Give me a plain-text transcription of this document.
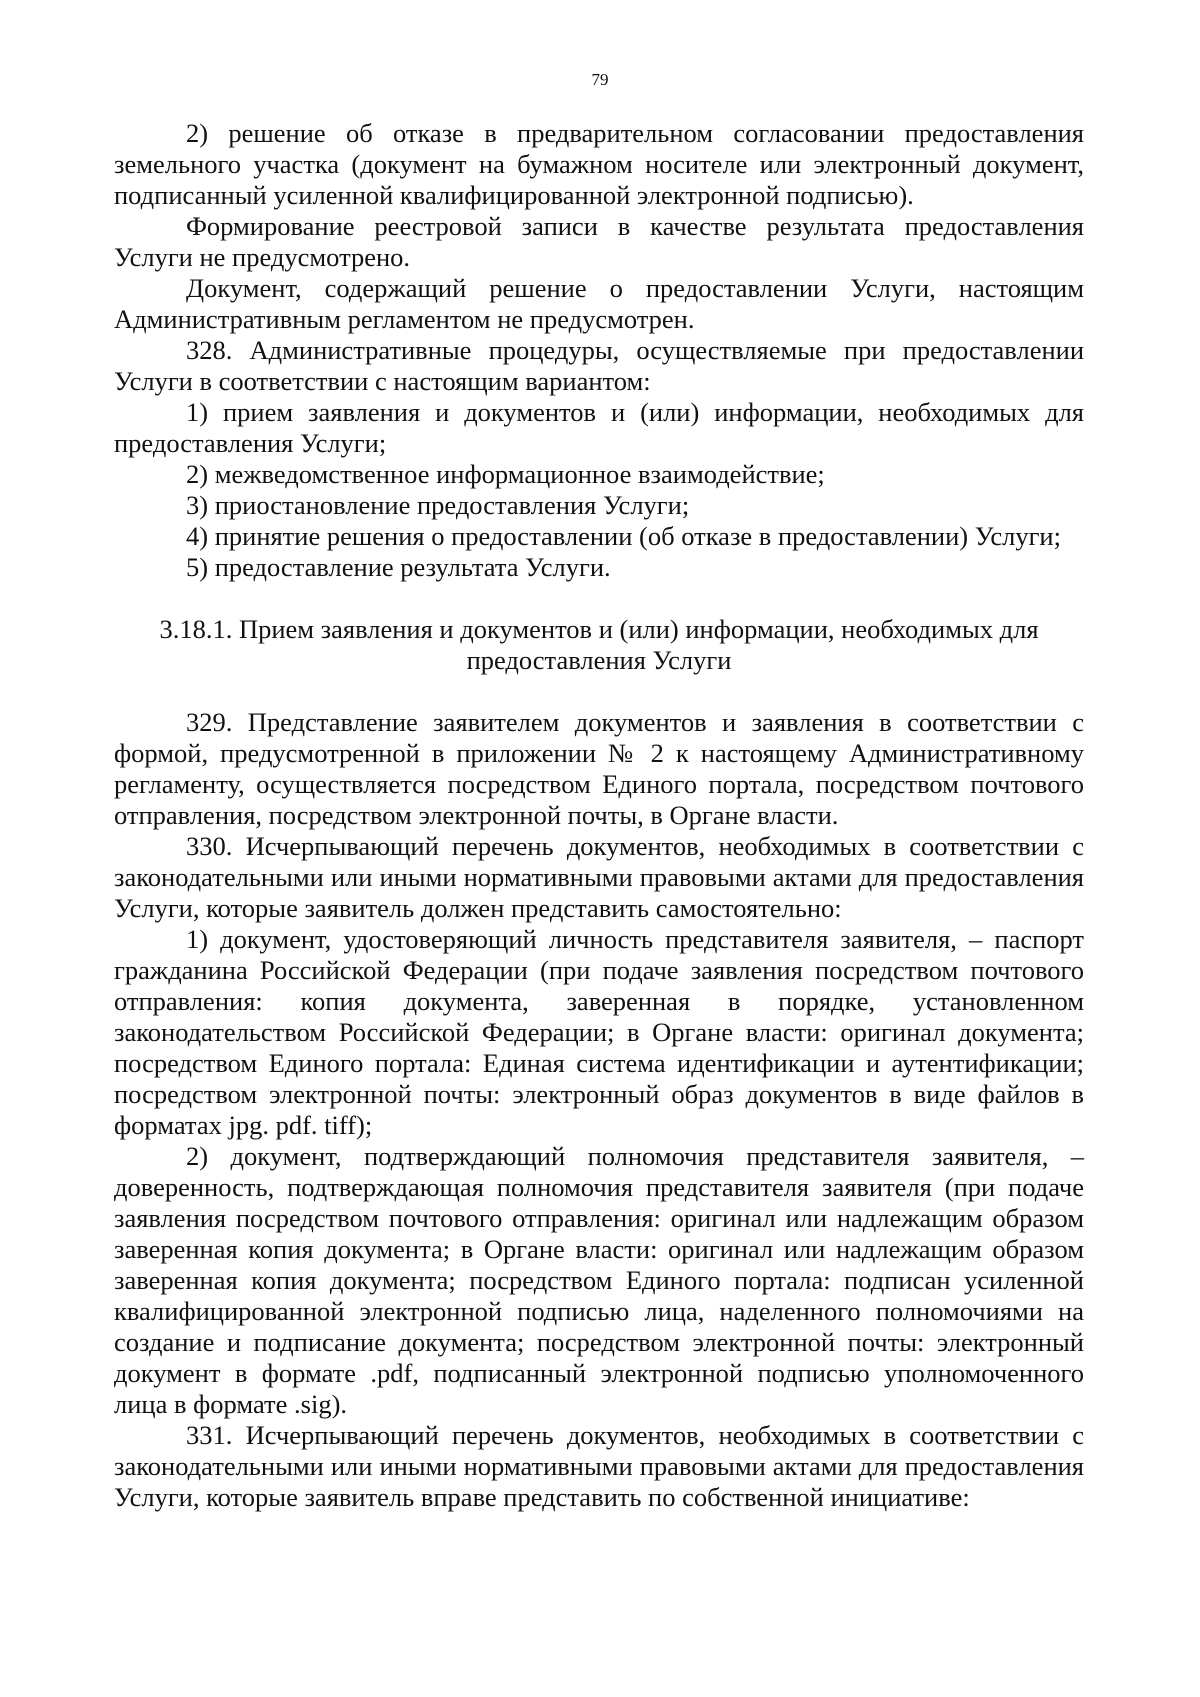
79

2) решение об отказе в предварительном согласовании предоставления земельного участка (документ на бумажном носителе или электронный документ, подписанный усиленной квалифицированной электронной подписью).

Формирование реестровой записи в качестве результата предоставления Услуги не предусмотрено.

Документ, содержащий решение о предоставлении Услуги, настоящим Административным регламентом не предусмотрен.

328. Административные процедуры, осуществляемые при предоставлении Услуги в соответствии с настоящим вариантом:

1) прием заявления и документов и (или) информации, необходимых для предоставления Услуги;

2) межведомственное информационное взаимодействие;

3) приостановление предоставления Услуги;

4) принятие решения о предоставлении (об отказе в предоставлении) Услуги;

5) предоставление результата Услуги.

3.18.1. Прием заявления и документов и (или) информации, необходимых для предоставления Услуги

329. Представление заявителем документов и заявления в соответствии с формой, предусмотренной в приложении № 2 к настоящему Административному регламенту, осуществляется посредством Единого портала, посредством почтового отправления, посредством электронной почты, в Органе власти.

330. Исчерпывающий перечень документов, необходимых в соответствии с законодательными или иными нормативными правовыми актами для предоставления Услуги, которые заявитель должен представить самостоятельно:

1) документ, удостоверяющий личность представителя заявителя, – паспорт гражданина Российской Федерации (при подаче заявления посредством почтового отправления: копия документа, заверенная в порядке, установленном законодательством Российской Федерации; в Органе власти: оригинал документа; посредством Единого портала: Единая система идентификации и аутентификации; посредством электронной почты: электронный образ документов в виде файлов в форматах jpg. pdf. tiff);

2) документ, подтверждающий полномочия представителя заявителя, – доверенность, подтверждающая полномочия представителя заявителя (при подаче заявления посредством почтового отправления: оригинал или надлежащим образом заверенная копия документа; в Органе власти: оригинал или надлежащим образом заверенная копия документа; посредством Единого портала: подписан усиленной квалифицированной электронной подписью лица, наделенного полномочиями на создание и подписание документа; посредством электронной почты: электронный документ в формате .pdf, подписанный электронной подписью уполномоченного лица в формате .sig).

331. Исчерпывающий перечень документов, необходимых в соответствии с законодательными или иными нормативными правовыми актами для предоставления Услуги, которые заявитель вправе представить по собственной инициативе:
